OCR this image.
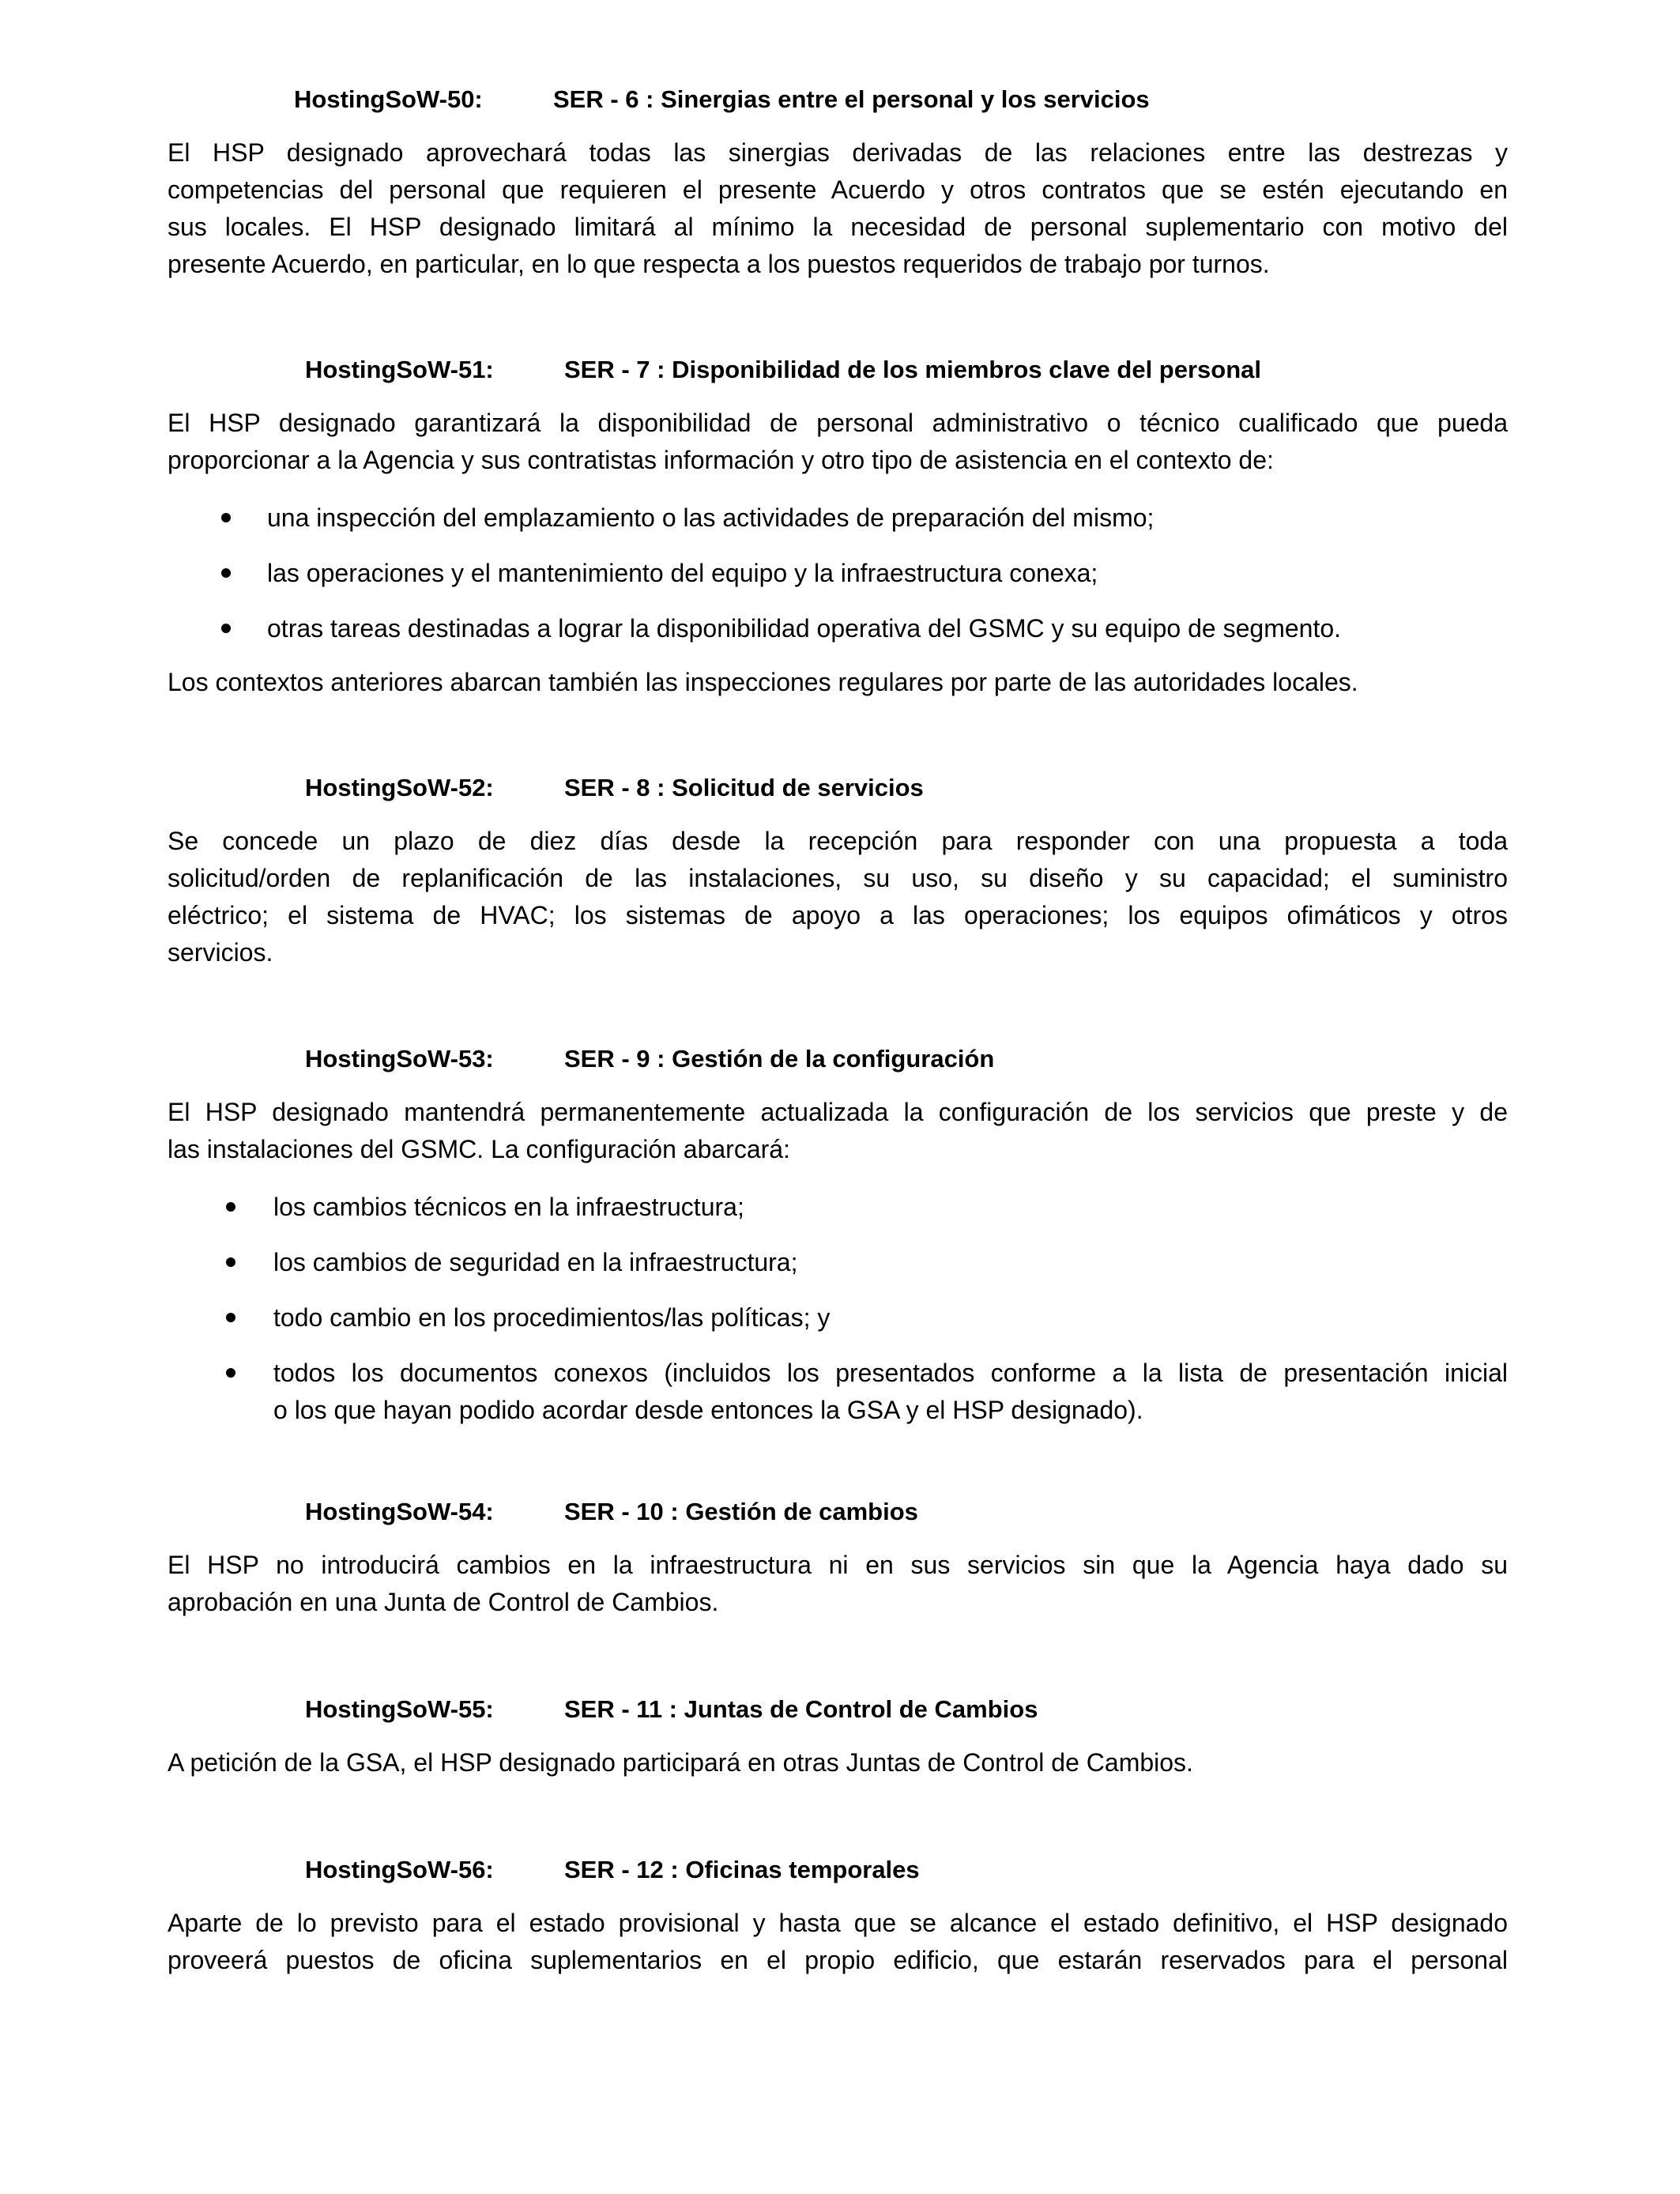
HostingSoW-50:	SER - 6 : Sinergias entre el personal y los servicios
El HSP designado aprovechará todas las sinergias derivadas de las relaciones entre las destrezas y
competencias del personal que requieren el presente Acuerdo y otros contratos que se estén ejecutando en
sus locales. El HSP designado limitará al mínimo la necesidad de personal suplementario con motivo del
presente Acuerdo, en particular, en lo que respecta a los puestos requeridos de trabajo por turnos.
HostingSoW-51:	SER - 7 : Disponibilidad de los miembros clave del personal
El HSP designado garantizará la disponibilidad de personal administrativo o técnico cualificado que pueda
proporcionar a la Agencia y sus contratistas información y otro tipo de asistencia en el contexto de:
una inspección del emplazamiento o las actividades de preparación del mismo;
las operaciones y el mantenimiento del equipo y la infraestructura conexa;
otras tareas destinadas a lograr la disponibilidad operativa del GSMC y su equipo de segmento.
Los contextos anteriores abarcan también las inspecciones regulares por parte de las autoridades locales.
HostingSoW-52:	SER - 8 : Solicitud de servicios
Se concede un plazo de diez días desde la recepción para responder con una propuesta a toda
solicitud/orden de replanificación de las instalaciones, su uso, su diseño y su capacidad; el suministro
eléctrico; el sistema de HVAC; los sistemas de apoyo a las operaciones; los equipos ofimáticos y otros
servicios.
HostingSoW-53:	SER - 9 : Gestión de la configuración
El HSP designado mantendrá permanentemente actualizada la configuración de los servicios que preste y de
las instalaciones del GSMC. La configuración abarcará:
los cambios técnicos en la infraestructura;
los cambios de seguridad en la infraestructura;
todo cambio en los procedimientos/las políticas; y
todos los documentos conexos (incluidos los presentados conforme a la lista de presentación inicial
o los que hayan podido acordar desde entonces la GSA y el HSP designado).
HostingSoW-54:	SER - 10 : Gestión de cambios
El HSP no introducirá cambios en la infraestructura ni en sus servicios sin que la Agencia haya dado su
aprobación en una Junta de Control de Cambios.
HostingSoW-55:	SER - 11 : Juntas de Control de Cambios
A petición de la GSA, el HSP designado participará en otras Juntas de Control de Cambios.
HostingSoW-56:	SER - 12 : Oficinas temporales
Aparte de lo previsto para el estado provisional y hasta que se alcance el estado definitivo, el HSP designado
proveerá puestos de oficina suplementarios en el propio edificio, que estarán reservados para el personal
